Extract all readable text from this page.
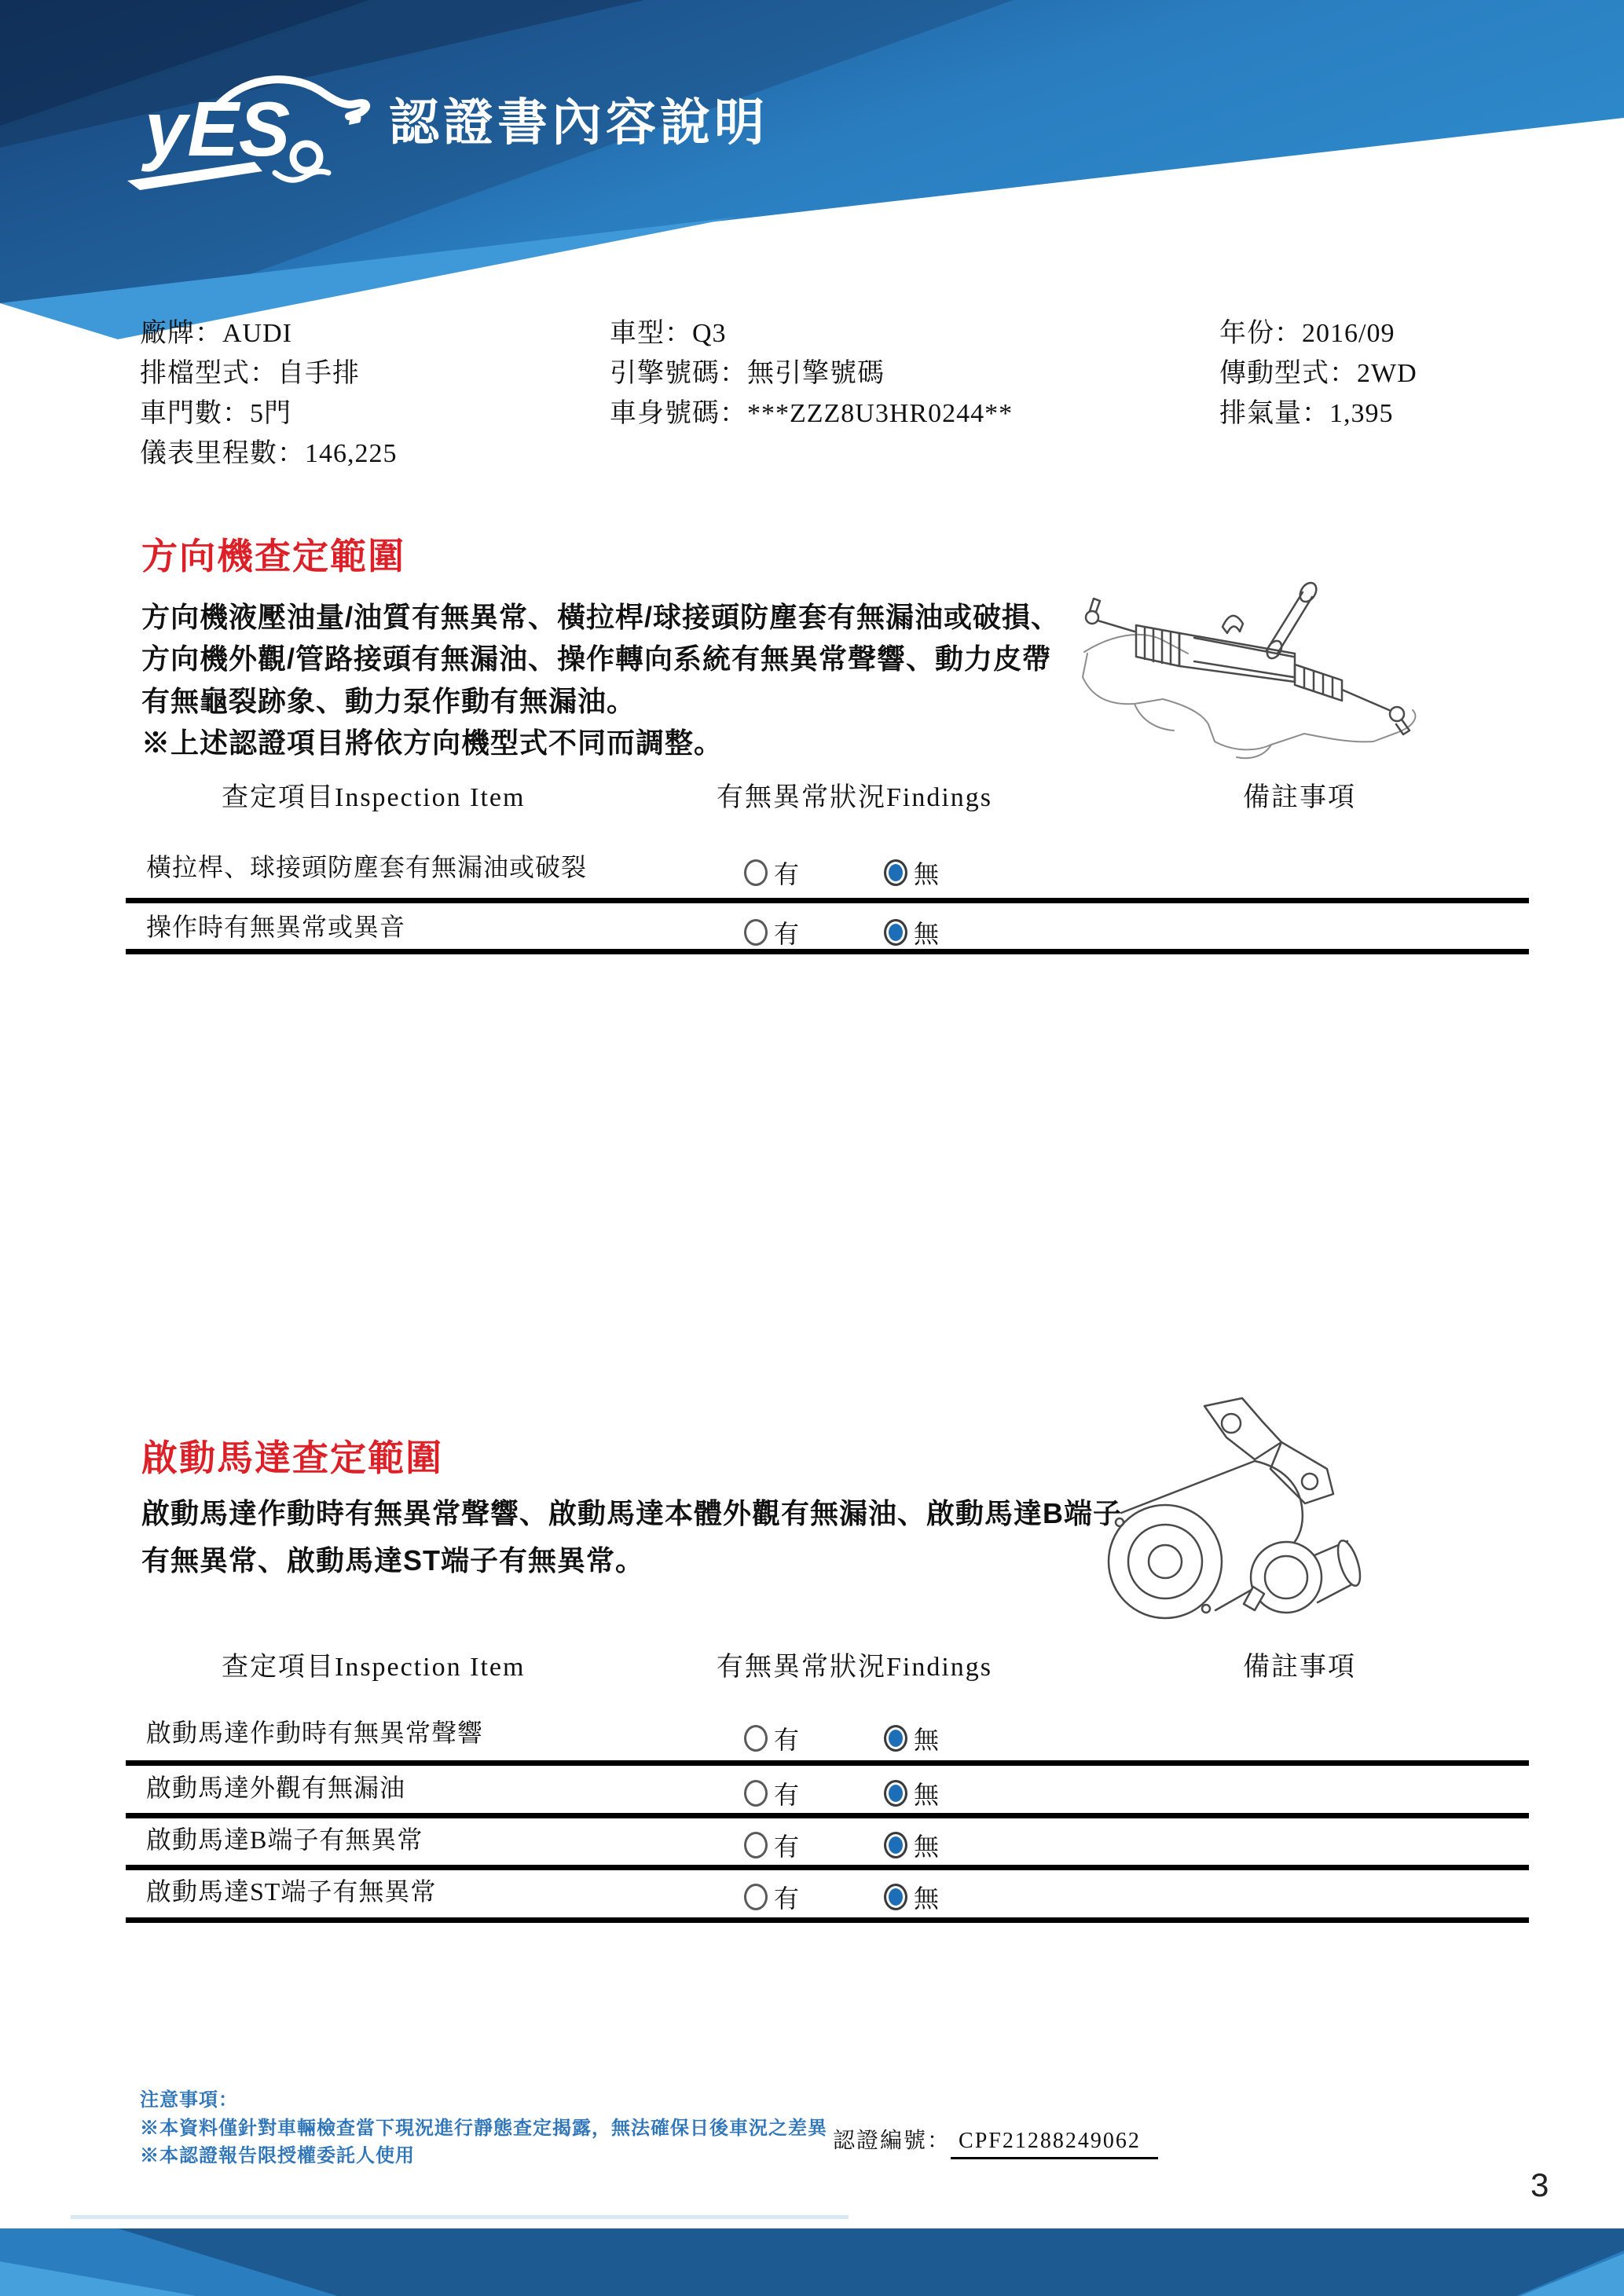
yES 認證書內容說明
廠牌：AUDI	車型：Q3	年份：2016/09
排檔型式：自手排	引擎號碼：無引擎號碼	傳動型式：2WD
車門數：5門	車身號碼：***ZZZ8U3HR0244**	排氣量：1,395
儀表里程數：146,225
方向機查定範圍
方向機液壓油量/油質有無異常、橫拉桿/球接頭防塵套有無漏油或破損、
方向機外觀/管路接頭有無漏油、操作轉向系統有無異常聲響、動力皮帶
有無龜裂跡象、動力泵作動有無漏油。
※上述認證項目將依方向機型式不同而調整。
查定項目Inspection Item	有無異常狀況Findings	備註事項
橫拉桿、球接頭防塵套有無漏油或破裂	有	無
操作時有無異常或異音	有	無
啟動馬達查定範圍
啟動馬達作動時有無異常聲響、啟動馬達本體外觀有無漏油、啟動馬達B端子
有無異常、啟動馬達ST端子有無異常。
查定項目Inspection Item	有無異常狀況Findings	備註事項
啟動馬達作動時有無異常聲響	有	無
啟動馬達外觀有無漏油	有	無
啟動馬達B端子有無異常	有	無
啟動馬達ST端子有無異常	有	無
注意事項：
※本資料僅針對車輛檢查當下現況進行靜態查定揭露，無法確保日後車況之差異
※本認證報告限授權委託人使用
認證編號： CPF21288249062
3
